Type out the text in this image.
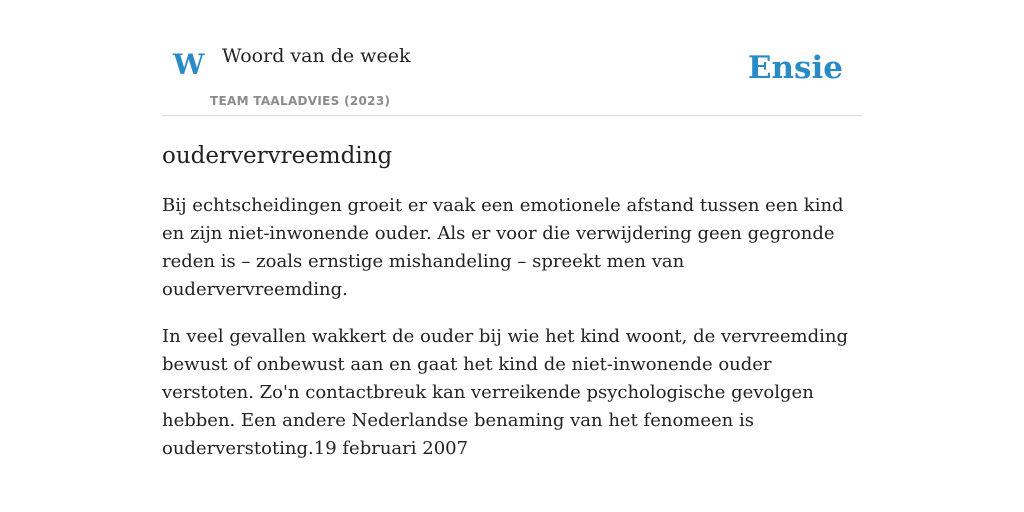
W Woord van de week
TEAM TAALADVIES (2023)
Ensie
oudervervreemding

Bij echtscheidingen groeit er vaak een emotionele afstand tussen een kind en zijn niet-inwonende ouder. Als er voor die verwijdering geen gegronde reden is – zoals ernstige mishandeling – spreekt men van oudervervreemding.

In veel gevallen wakkert de ouder bij wie het kind woont, de vervreemding bewust of onbewust aan en gaat het kind de niet-inwonende ouder verstoten. Zo'n contactbreuk kan verreikende psychologische gevolgen hebben. Een andere Nederlandse benaming van het fenomeen is ouderverstoting.19 februari 2007
